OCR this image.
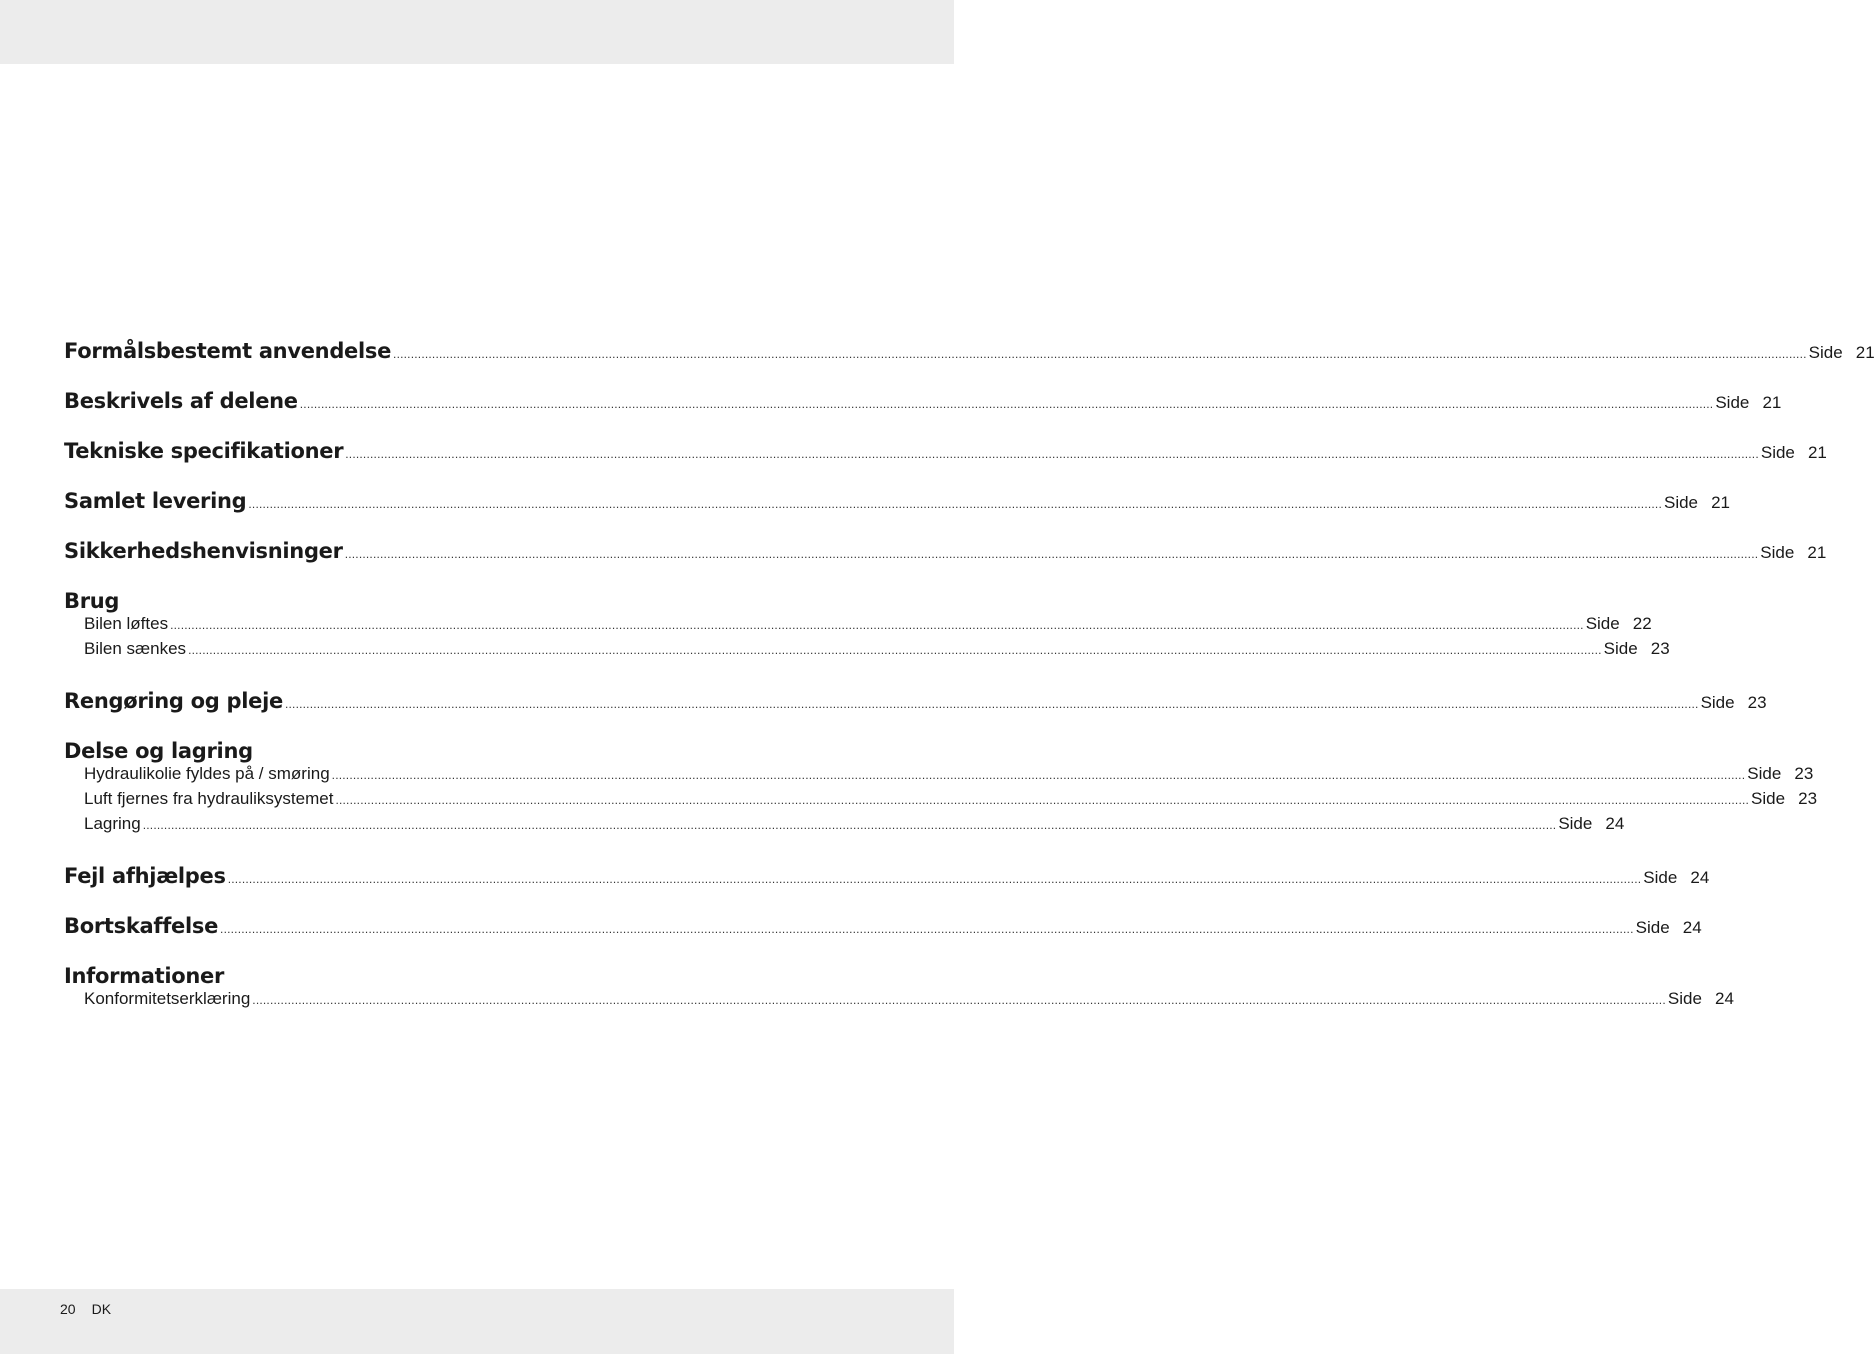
Formålsbestemt anvendelse ................................................................................................................................................................................................................................................................................................................................................................................................................ Side 21
Beskrivels af delene ................................................................................................................................................................................................................................................................................................................................................................................................................ Side 21
Tekniske specifikationer ................................................................................................................................................................................................................................................................................................................................................................................................................ Side 21
Samlet levering ................................................................................................................................................................................................................................................................................................................................................................................................................ Side 21
Sikkerhedshenvisninger ................................................................................................................................................................................................................................................................................................................................................................................................................ Side 21
Brug
Bilen løftes ................................................................................................................................................................................................................................................................................................................................................................................................................ Side 22
Bilen sænkes ................................................................................................................................................................................................................................................................................................................................................................................................................ Side 23
Rengøring og pleje ................................................................................................................................................................................................................................................................................................................................................................................................................ Side 23
Delse og lagring
Hydraulikolie fyldes på / smøring ................................................................................................................................................................................................................................................................................................................................................................................................................ Side 23
Luft fjernes fra hydrauliksystemet ................................................................................................................................................................................................................................................................................................................................................................................................................ Side 23
Lagring ................................................................................................................................................................................................................................................................................................................................................................................................................ Side 24
Fejl afhjælpes ................................................................................................................................................................................................................................................................................................................................................................................................................ Side 24
Bortskaffelse ................................................................................................................................................................................................................................................................................................................................................................................................................ Side 24
Informationer
Konformitetserklæring ................................................................................................................................................................................................................................................................................................................................................................................................................ Side 24
20 DK
